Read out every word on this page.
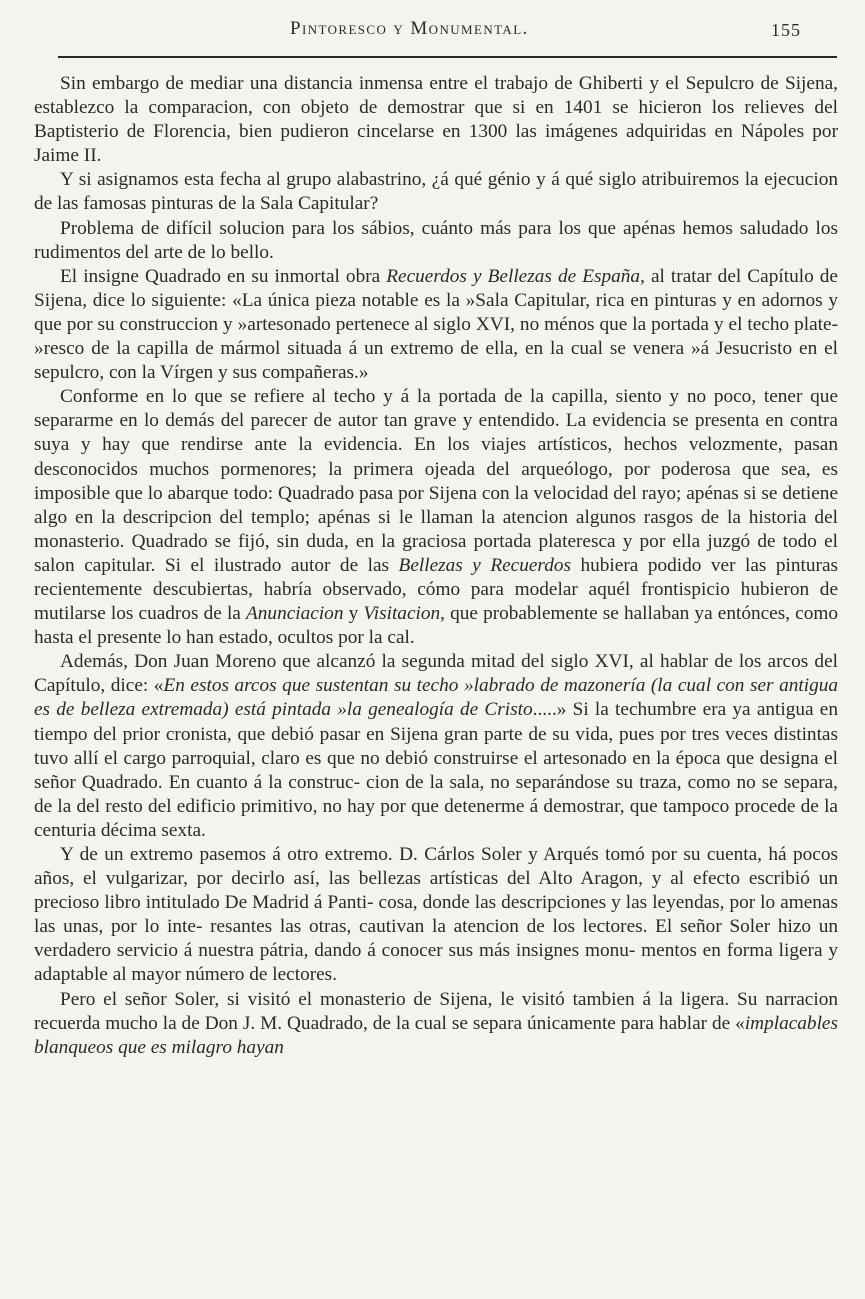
Pintoresco y Monumental.	155

Sin embargo de mediar una distancia inmensa entre el trabajo de Ghiberti y el Sepulcro de Sijena, establezco la comparacion, con objeto de demostrar que si en 1401 se hicieron los relieves del Baptisterio de Florencia, bien pudieron cincelarse en 1300 las imágenes adquiridas en Nápoles por Jaime II.

Y si asignamos esta fecha al grupo alabastrino, ¿á qué génio y á qué siglo atribuiremos la ejecucion de las famosas pinturas de la Sala Capitular?

Problema de difícil solucion para los sábios, cuánto más para los que apénas hemos saludado los rudimentos del arte de lo bello.

El insigne Quadrado en su inmortal obra Recuerdos y Bellezas de España, al tratar del Capítulo de Sijena, dice lo siguiente: «La única pieza notable es la »Sala Capitular, rica en pinturas y en adornos y que por su construccion y »artesonado pertenece al siglo XVI, no ménos que la portada y el techo plate- »resco de la capilla de mármol situada á un extremo de ella, en la cual se venera »á Jesucristo en el sepulcro, con la Vírgen y sus compañeras.»

Conforme en lo que se refiere al techo y á la portada de la capilla, siento y no poco, tener que separarme en lo demás del parecer de autor tan grave y entendido. La evidencia se presenta en contra suya y hay que rendirse ante la evidencia. En los viajes artísticos, hechos velozmente, pasan desconocidos muchos pormenores; la primera ojeada del arqueólogo, por poderosa que sea, es imposible que lo abarque todo: Quadrado pasa por Sijena con la velocidad del rayo; apénas si se detiene algo en la descripcion del templo; apénas si le llaman la atencion algunos rasgos de la historia del monasterio. Quadrado se fijó, sin duda, en la graciosa portada plateresca y por ella juzgó de todo el salon capitular. Si el ilustrado autor de las Bellezas y Recuerdos hubiera podido ver las pinturas recientemente descubiertas, habría observado, cómo para modelar aquél frontispicio hubieron de mutilarse los cuadros de la Anunciacion y Visitacion, que probablemente se hallaban ya entónces, como hasta el presente lo han estado, ocultos por la cal.

Además, Don Juan Moreno que alcanzó la segunda mitad del siglo XVI, al hablar de los arcos del Capítulo, dice: «En estos arcos que sustentan su techo »labrado de mazonería (la cual con ser antigua es de belleza extremada) está pintada »la genealogía de Cristo.....» Si la techumbre era ya antigua en tiempo del prior cronista, que debió pasar en Sijena gran parte de su vida, pues por tres veces distintas tuvo allí el cargo parroquial, claro es que no debió construirse el artesonado en la época que designa el señor Quadrado. En cuanto á la construc- cion de la sala, no separándose su traza, como no se separa, de la del resto del edificio primitivo, no hay por que detenerme á demostrar, que tampoco procede de la centuria décima sexta.

Y de un extremo pasemos á otro extremo. D. Cárlos Soler y Arqués tomó por su cuenta, há pocos años, el vulgarizar, por decirlo así, las bellezas artísticas del Alto Aragon, y al efecto escribió un precioso libro intitulado De Madrid á Panti- cosa, donde las descripciones y las leyendas, por lo amenas las unas, por lo inte- resantes las otras, cautivan la atencion de los lectores. El señor Soler hizo un verdadero servicio á nuestra pátria, dando á conocer sus más insignes monu- mentos en forma ligera y adaptable al mayor número de lectores.

Pero el señor Soler, si visitó el monasterio de Sijena, le visitó tambien á la ligera. Su narracion recuerda mucho la de Don J. M. Quadrado, de la cual se separa únicamente para hablar de «implacables blanqueos que es milagro hayan
